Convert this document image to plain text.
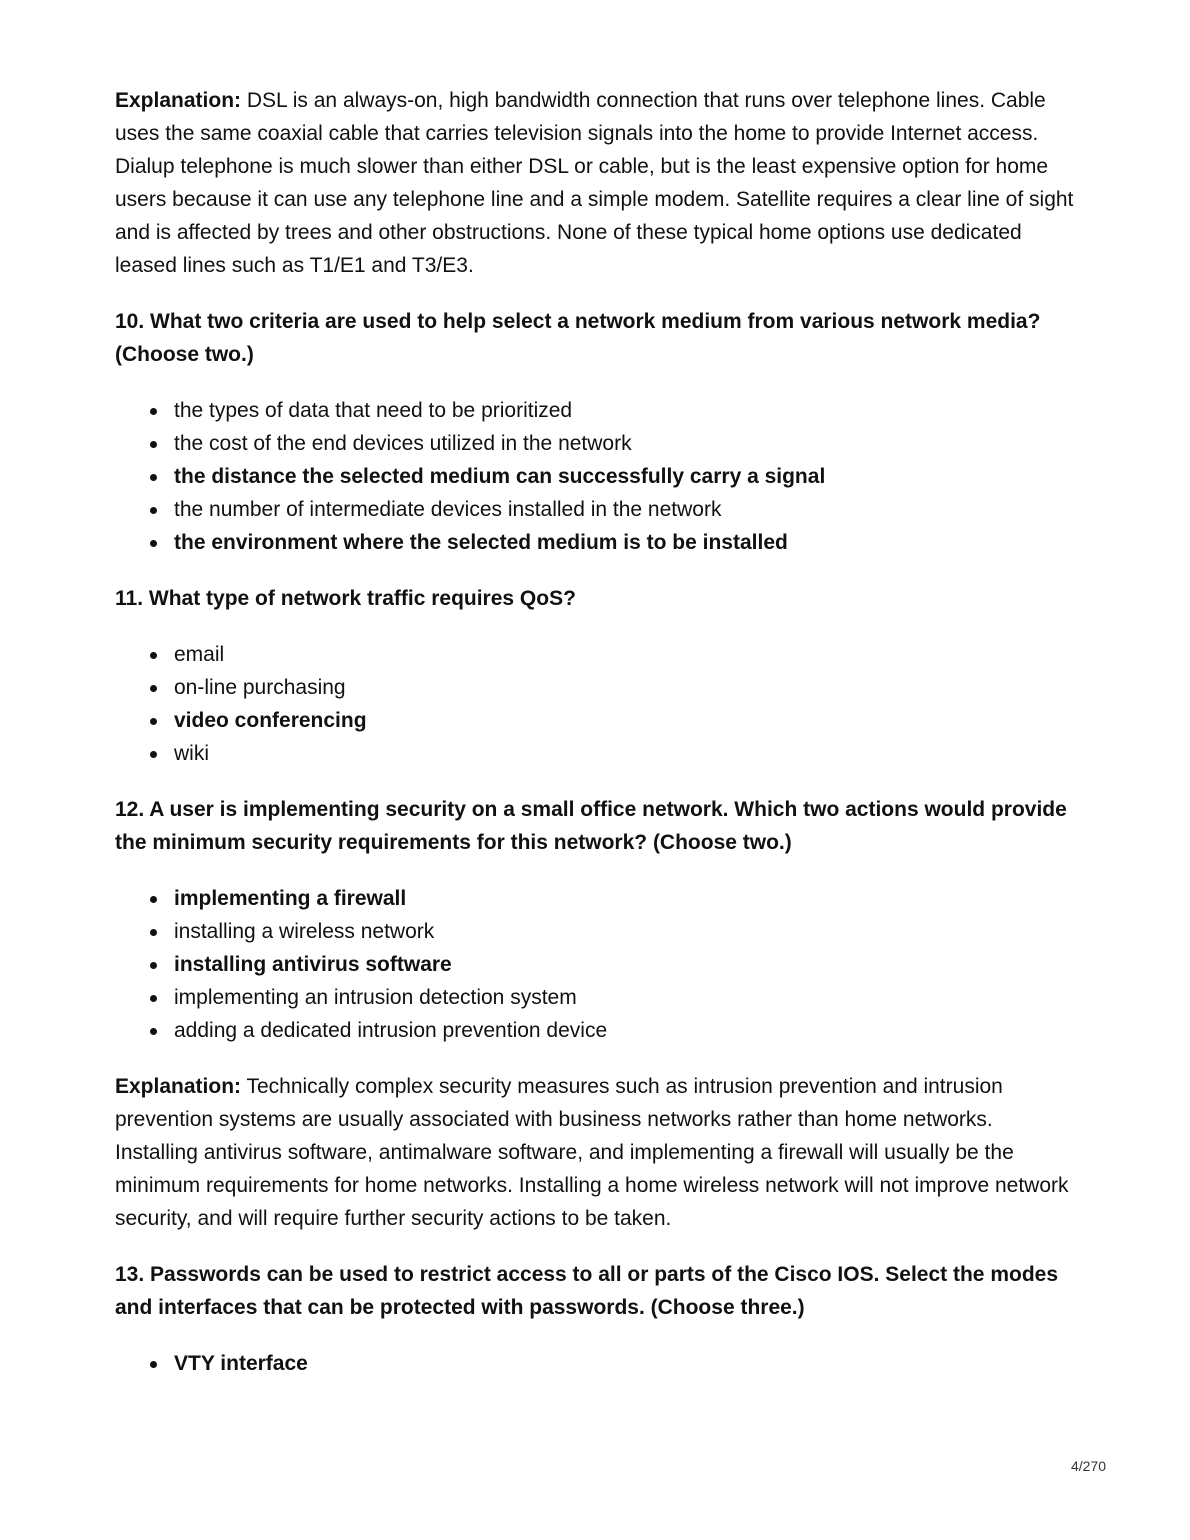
Explanation: DSL is an always-on, high bandwidth connection that runs over telephone lines. Cable uses the same coaxial cable that carries television signals into the home to provide Internet access. Dialup telephone is much slower than either DSL or cable, but is the least expensive option for home users because it can use any telephone line and a simple modem. Satellite requires a clear line of sight and is affected by trees and other obstructions. None of these typical home options use dedicated leased lines such as T1/E1 and T3/E3.

10. What two criteria are used to help select a network medium from various network media? (Choose two.)

the types of data that need to be prioritized
the cost of the end devices utilized in the network
the distance the selected medium can successfully carry a signal
the number of intermediate devices installed in the network
the environment where the selected medium is to be installed

11. What type of network traffic requires QoS?

email
on-line purchasing
video conferencing
wiki

12. A user is implementing security on a small office network. Which two actions would provide the minimum security requirements for this network? (Choose two.)

implementing a firewall
installing a wireless network
installing antivirus software
implementing an intrusion detection system
adding a dedicated intrusion prevention device

Explanation: Technically complex security measures such as intrusion prevention and intrusion prevention systems are usually associated with business networks rather than home networks. Installing antivirus software, antimalware software, and implementing a firewall will usually be the minimum requirements for home networks. Installing a home wireless network will not improve network security, and will require further security actions to be taken.

13. Passwords can be used to restrict access to all or parts of the Cisco IOS. Select the modes and interfaces that can be protected with passwords. (Choose three.)

VTY interface
4/270
